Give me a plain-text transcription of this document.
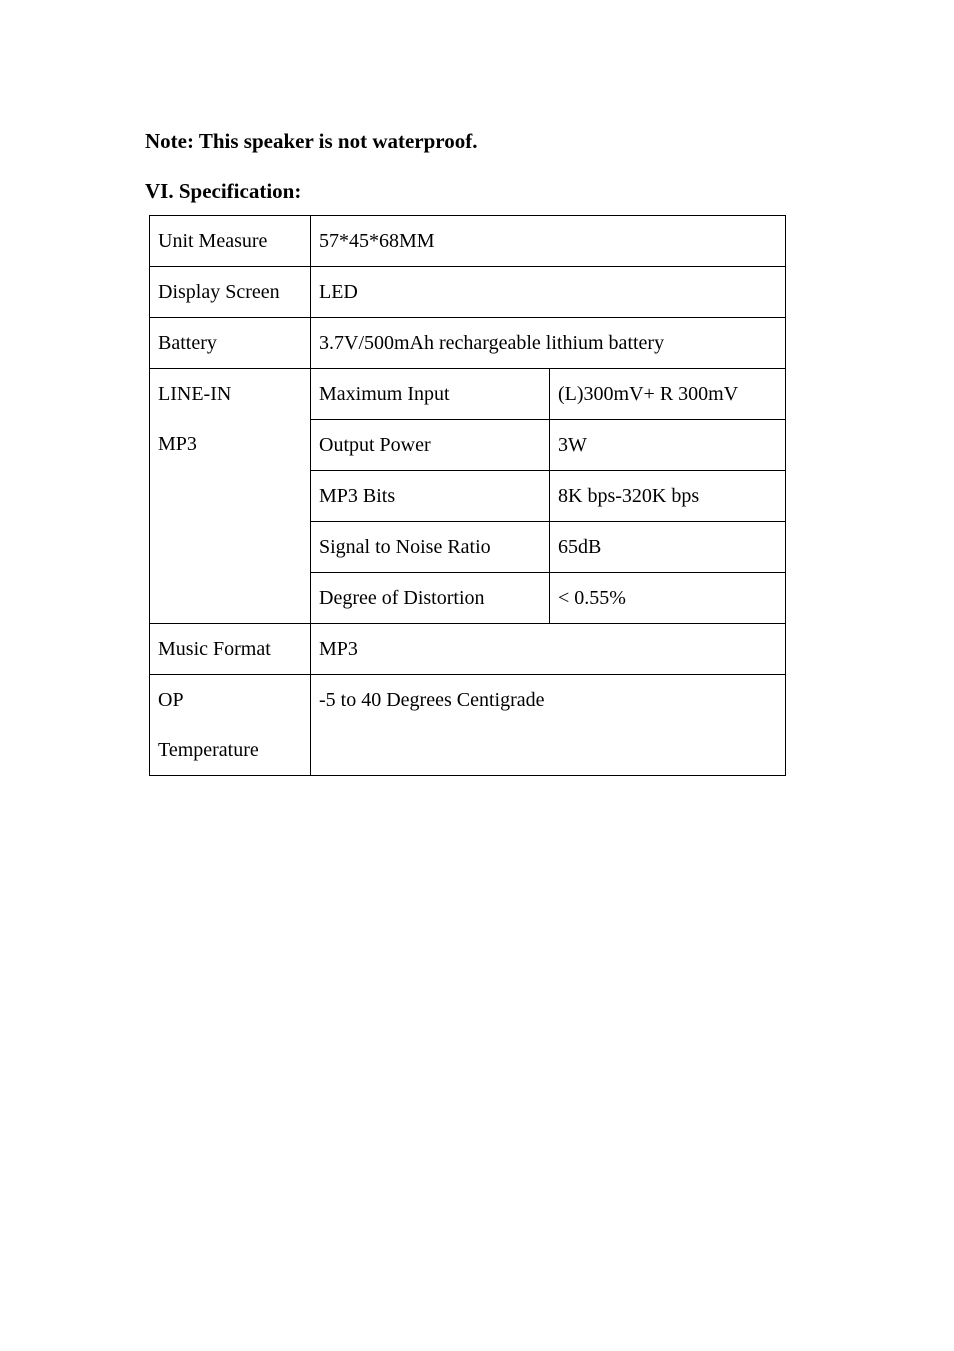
Note: This speaker is not waterproof.
VI. Specification:
Unit Measure	57*45*68MM	

Display Screen	LED	

Battery	3.7V/500mAh rechargeable lithium battery	

LINE-IN
MP3	Maximum Input	(L)300mV+ R 300mV

	Output Power	3W

	MP3 Bits	8K bps-320K bps

	Signal to Noise Ratio	65dB

	Degree of Distortion	< 0.55%

Music Format	MP3	

OP
Temperature	-5 to 40 Degrees Centigrade	
